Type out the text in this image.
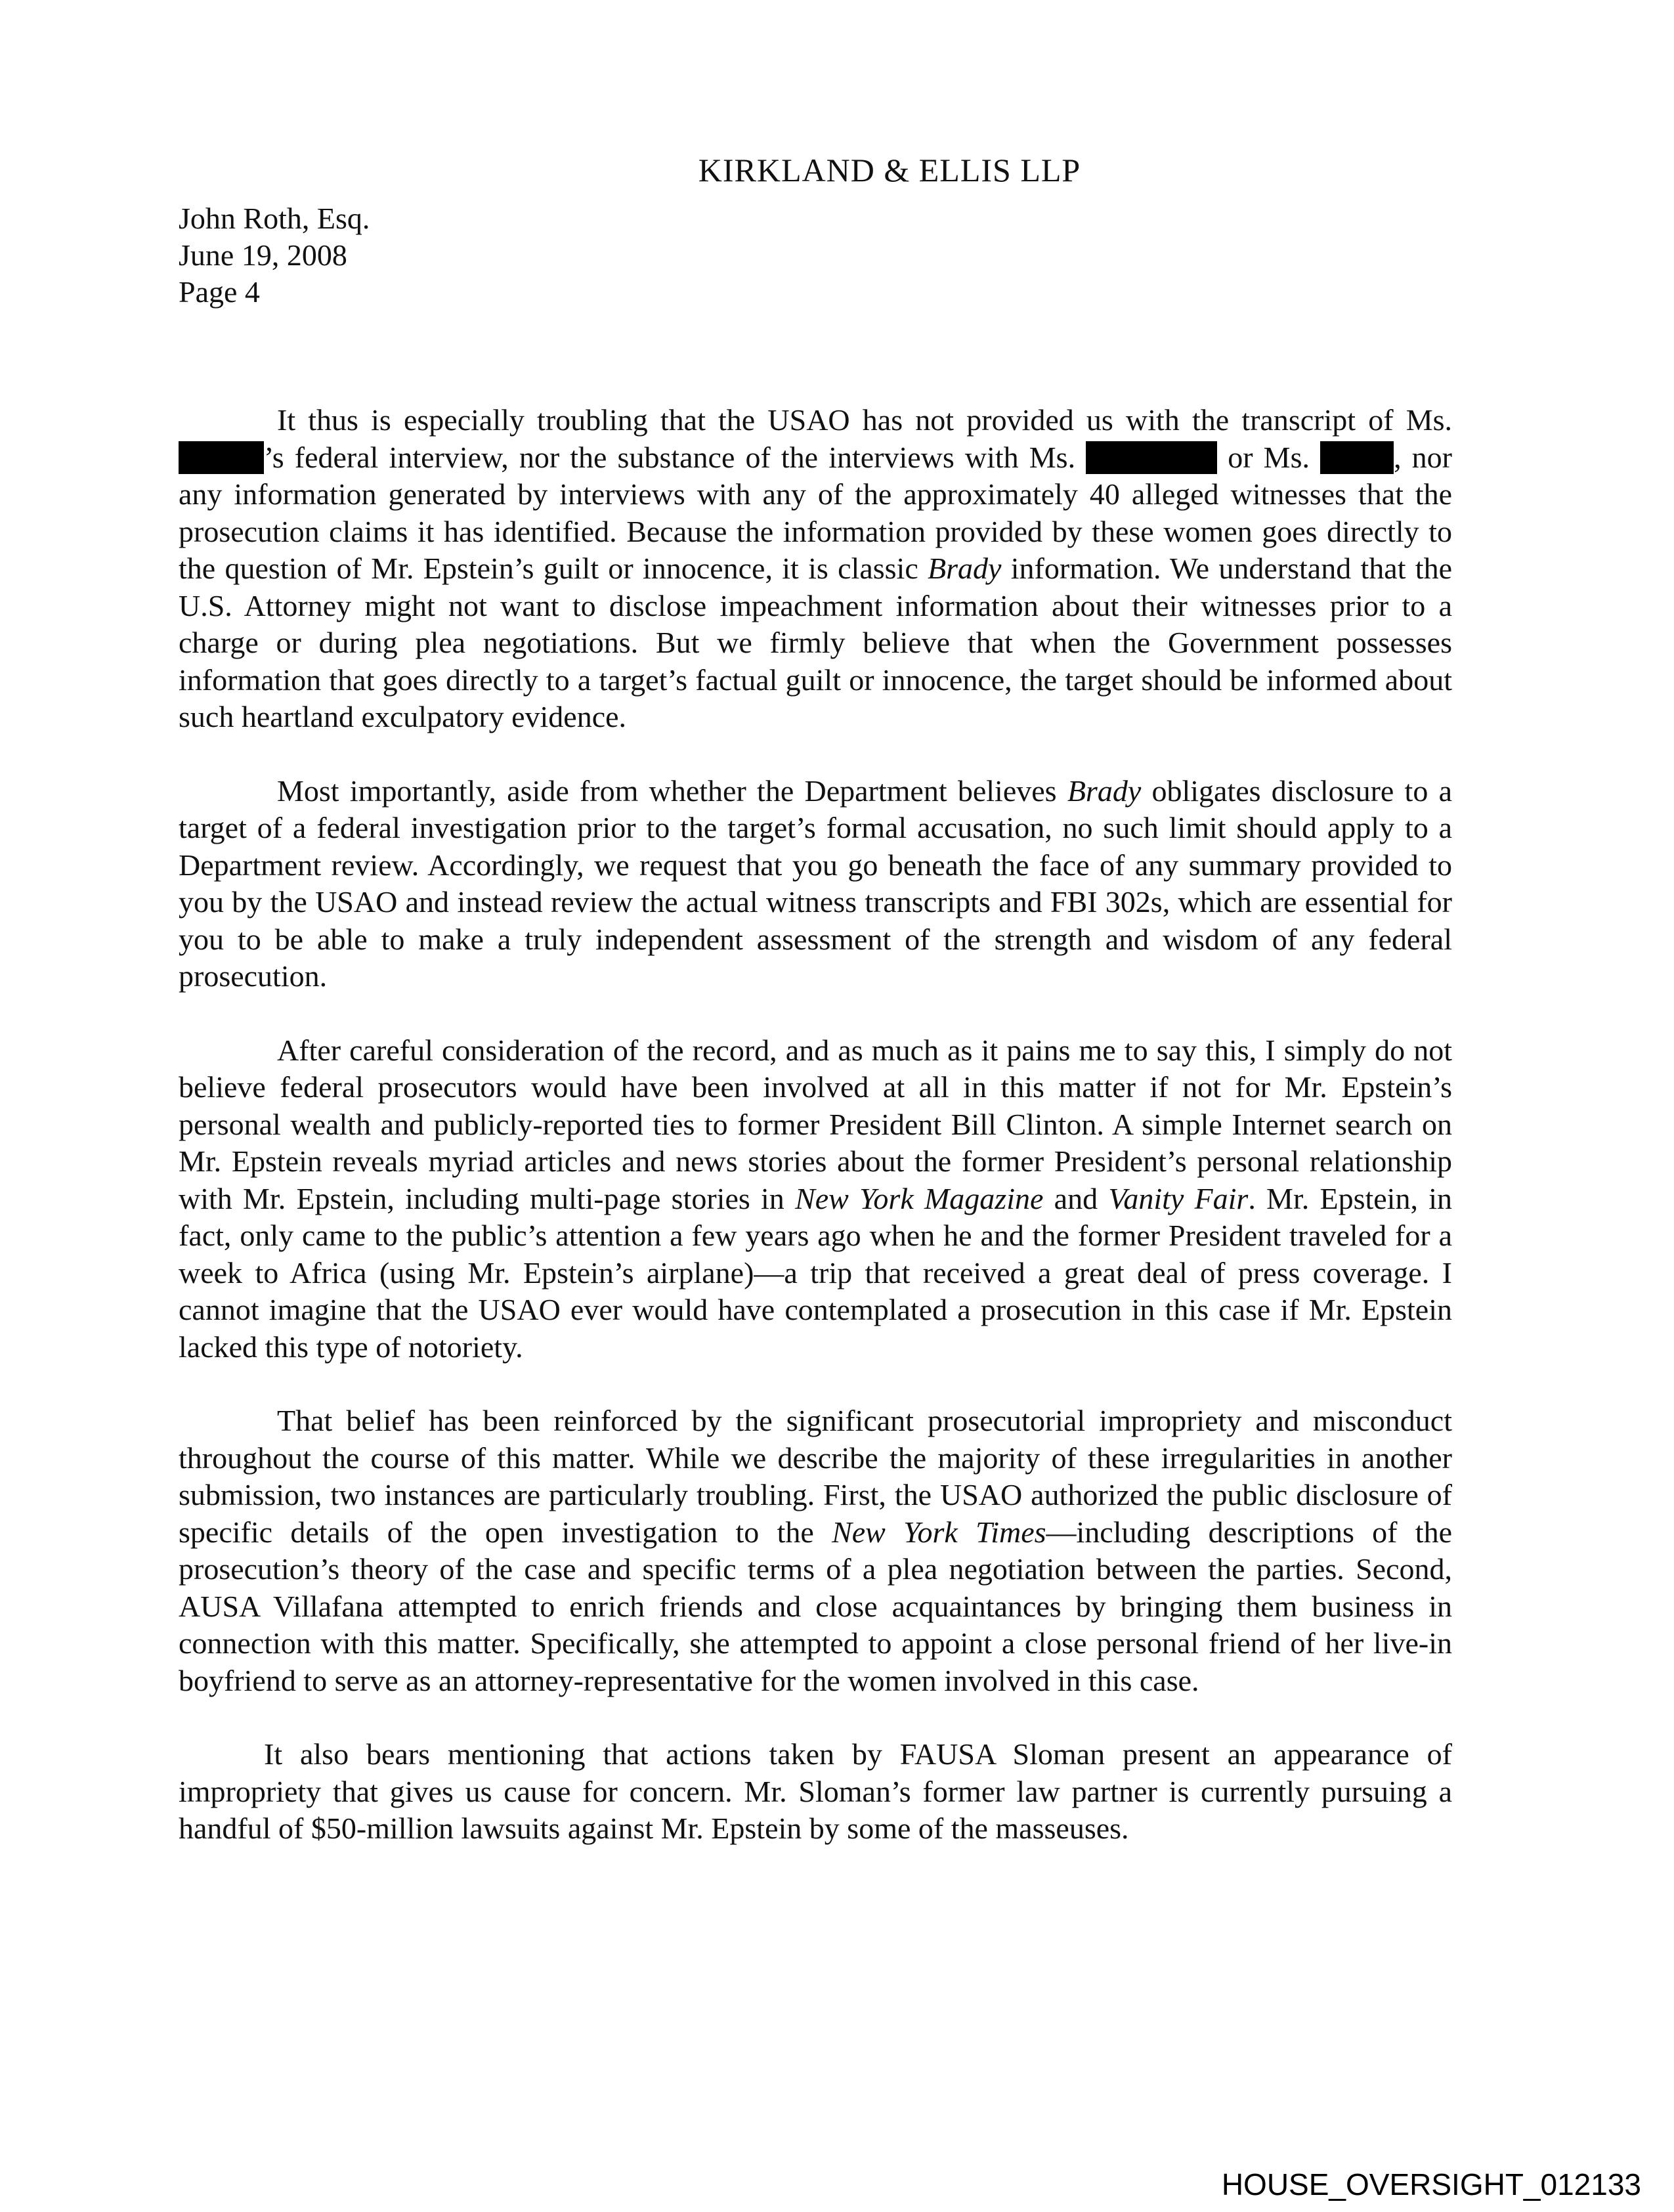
KIRKLAND & ELLIS LLP
John Roth, Esq.
June 19, 2008
Page 4

It thus is especially troubling that the USAO has not provided us with the transcript of Ms. ’s federal interview, nor the substance of the interviews with Ms.	or Ms. , nor any information generated by interviews with any of the approximately 40 alleged witnesses that the prosecution claims it has identified. Because the information provided by these women goes directly to the question of Mr. Epstein’s guilt or innocence, it is classic Brady information. We understand that the U.S. Attorney might not want to disclose impeachment information about their witnesses prior to a charge or during plea negotiations. But we firmly believe that when the Government possesses information that goes directly to a target’s factual guilt or innocence, the target should be informed about such heartland exculpatory evidence.

Most importantly, aside from whether the Department believes Brady obligates disclosure to a target of a federal investigation prior to the target’s formal accusation, no such limit should apply to a Department review. Accordingly, we request that you go beneath the face of any summary provided to you by the USAO and instead review the actual witness transcripts and FBI 302s, which are essential for you to be able to make a truly independent assessment of the strength and wisdom of any federal prosecution.

After careful consideration of the record, and as much as it pains me to say this, I simply do not believe federal prosecutors would have been involved at all in this matter if not for Mr. Epstein’s personal wealth and publicly-reported ties to former President Bill Clinton. A simple Internet search on Mr. Epstein reveals myriad articles and news stories about the former President’s personal relationship with Mr. Epstein, including multi-page stories in New York Magazine and Vanity Fair. Mr. Epstein, in fact, only came to the public’s attention a few years ago when he and the former President traveled for a week to Africa (using Mr. Epstein’s airplane)—a trip that received a great deal of press coverage. I cannot imagine that the USAO ever would have contemplated a prosecution in this case if Mr. Epstein lacked this type of notoriety.

That belief has been reinforced by the significant prosecutorial impropriety and misconduct throughout the course of this matter. While we describe the majority of these irregularities in another submission, two instances are particularly troubling. First, the USAO authorized the public disclosure of specific details of the open investigation to the New York Times—including descriptions of the prosecution’s theory of the case and specific terms of a plea negotiation between the parties. Second, AUSA Villafana attempted to enrich friends and close acquaintances by bringing them business in connection with this matter. Specifically, she attempted to appoint a close personal friend of her live-in boyfriend to serve as an attorney-representative for the women involved in this case.

It also bears mentioning that actions taken by FAUSA Sloman present an appearance of impropriety that gives us cause for concern. Mr. Sloman’s former law partner is currently pursuing a handful of $50-million lawsuits against Mr. Epstein by some of the masseuses.

HOUSE_OVERSIGHT_012133
